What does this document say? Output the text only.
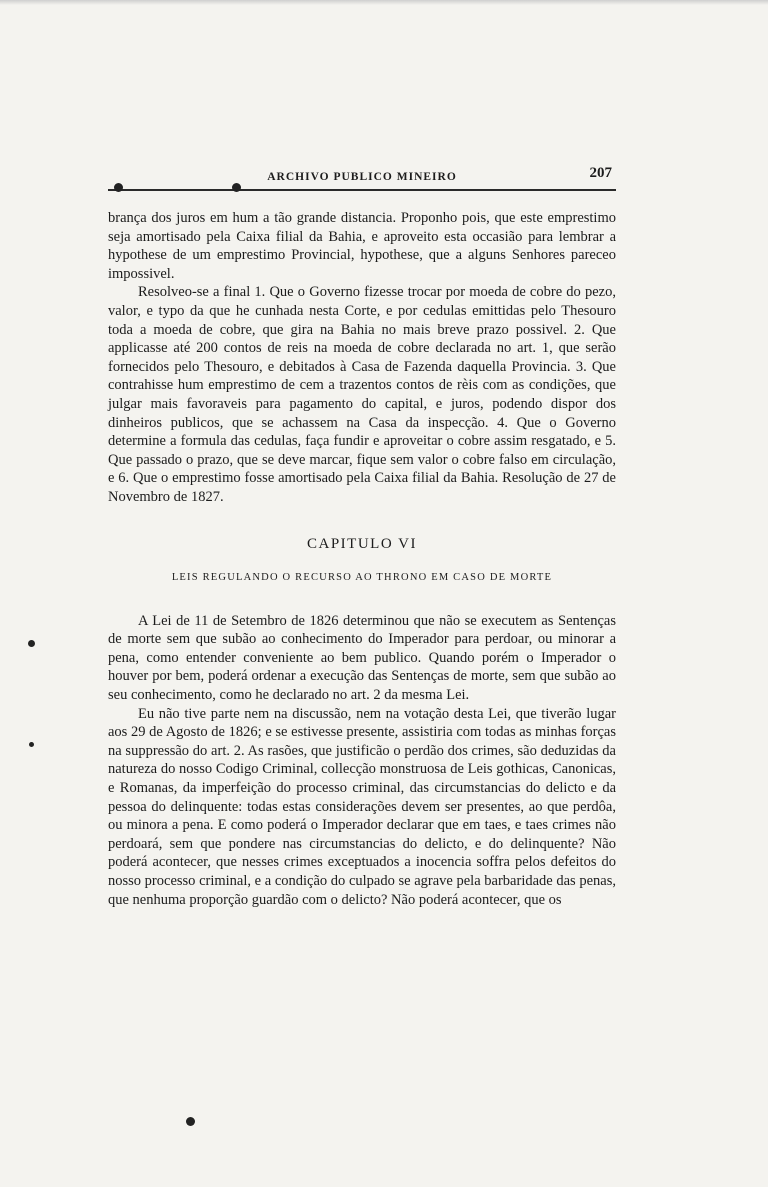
ARCHIVO PUBLICO MINEIRO	207

brança dos juros em hum a tão grande distancia. Proponho pois, que este emprestimo seja amortisado pela Caixa filial da Bahia, e aproveito esta occasião para lembrar a hypothese de um emprestimo Provincial, hypothese, que a alguns Senhores pareceo impossivel.

Resolveo-se a final 1. Que o Governo fizesse trocar por moeda de cobre do pezo, valor, e typo da que he cunhada nesta Corte, e por cedulas emittidas pelo Thesouro toda a moeda de cobre, que gira na Bahia no mais breve prazo possivel. 2. Que applicasse até 200 contos de reis na moeda de cobre declarada no art. 1, que serão fornecidos pelo Thesouro, e debitados à Casa de Fazenda daquella Provincia. 3. Que contrahisse hum emprestimo de cem a trazentos contos de rèis com as condições, que julgar mais favoraveis para pagamento do capital, e juros, podendo dispor dos dinheiros publicos, que se achassem na Casa da inspecção. 4. Que o Governo determine a formula das cedulas, faça fundir e aproveitar o cobre assim resgatado, e 5. Que passado o prazo, que se deve marcar, fique sem valor o cobre falso em circulação, e 6. Que o emprestimo fosse amortisado pela Caixa filial da Bahia. Resolução de 27 de Novembro de 1827.

CAPITULO VI
LEIS REGULANDO O RECURSO AO THRONO EM CASO DE MORTE

A Lei de 11 de Setembro de 1826 determinou que não se executem as Sentenças de morte sem que subão ao conhecimento do Imperador para perdoar, ou minorar a pena, como entender conveniente ao bem publico. Quando porém o Imperador o houver por bem, poderá ordenar a execução das Sentenças de morte, sem que subão ao seu conhecimento, como he declarado no art. 2 da mesma Lei.

Eu não tive parte nem na discussão, nem na votação desta Lei, que tiverão lugar aos 29 de Agosto de 1826; e se estivesse presente, assistiria com todas as minhas forças na suppressão do art. 2. As rasões, que justificão o perdão dos crimes, são deduzidas da natureza do nosso Codigo Criminal, collecção monstruosa de Leis gothicas, Canonicas, e Romanas, da imperfeição do processo criminal, das circumstancias do delicto e da pessoa do delinquente: todas estas considerações devem ser presentes, ao que perdôa, ou minora a pena. E como poderá o Imperador declarar que em taes, e taes crimes não perdoará, sem que pondere nas circumstancias do delicto, e do delinquente? Não poderá acontecer, que nesses crimes exceptuados a inocencia soffra pelos defeitos do nosso processo criminal, e a condição do culpado se agrave pela barbaridade das penas, que nenhuma proporção guardão com o delicto? Não poderá acontecer, que os
